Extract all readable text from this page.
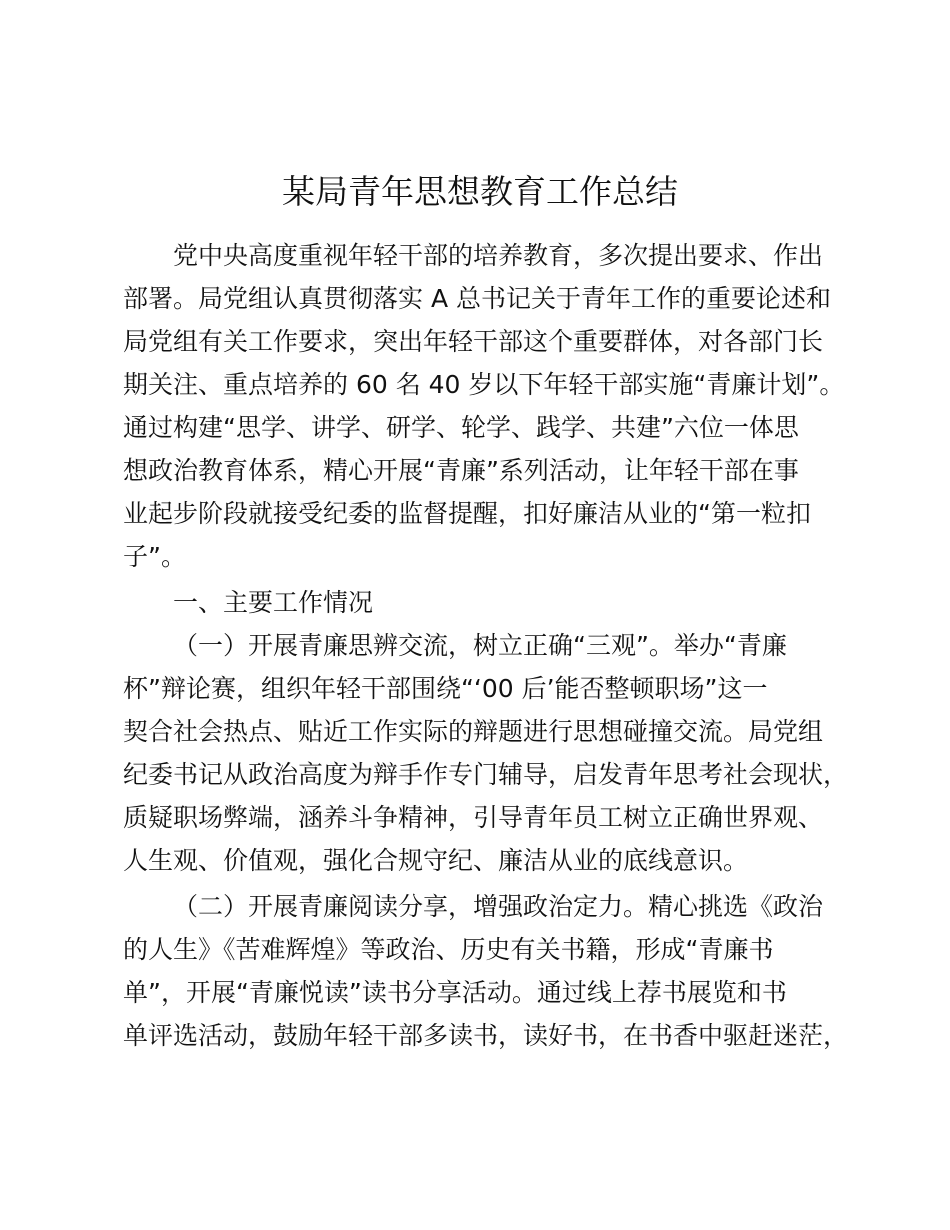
某局青年思想教育工作总结

党中央高度重视年轻干部的培养教育，多次提出要求、作出

部署。局党组认真贯彻落实 A 总书记关于青年工作的重要论述和

局党组有关工作要求，突出年轻干部这个重要群体，对各部门长

期关注、重点培养的 60 名 40 岁以下年轻干部实施“青廉计划”。

通过构建“思学、讲学、研学、轮学、践学、共建”六位一体思

想政治教育体系，精心开展“青廉”系列活动，让年轻干部在事

业起步阶段就接受纪委的监督提醒，扣好廉洁从业的“第一粒扣

子”。

一、主要工作情况

（一）开展青廉思辨交流，树立正确“三观”。举办“青廉

杯”辩论赛，组织年轻干部围绕“‘00 后’能否整顿职场”这一

契合社会热点、贴近工作实际的辩题进行思想碰撞交流。局党组

纪委书记从政治高度为辩手作专门辅导，启发青年思考社会现状，

质疑职场弊端，涵养斗争精神，引导青年员工树立正确世界观、

人生观、价值观，强化合规守纪、廉洁从业的底线意识。

（二）开展青廉阅读分享，增强政治定力。精心挑选《政治

的人生》《苦难辉煌》等政治、历史有关书籍，形成“青廉书

单”，开展“青廉悦读”读书分享活动。通过线上荐书展览和书

单评选活动，鼓励年轻干部多读书，读好书，在书香中驱赶迷茫，
